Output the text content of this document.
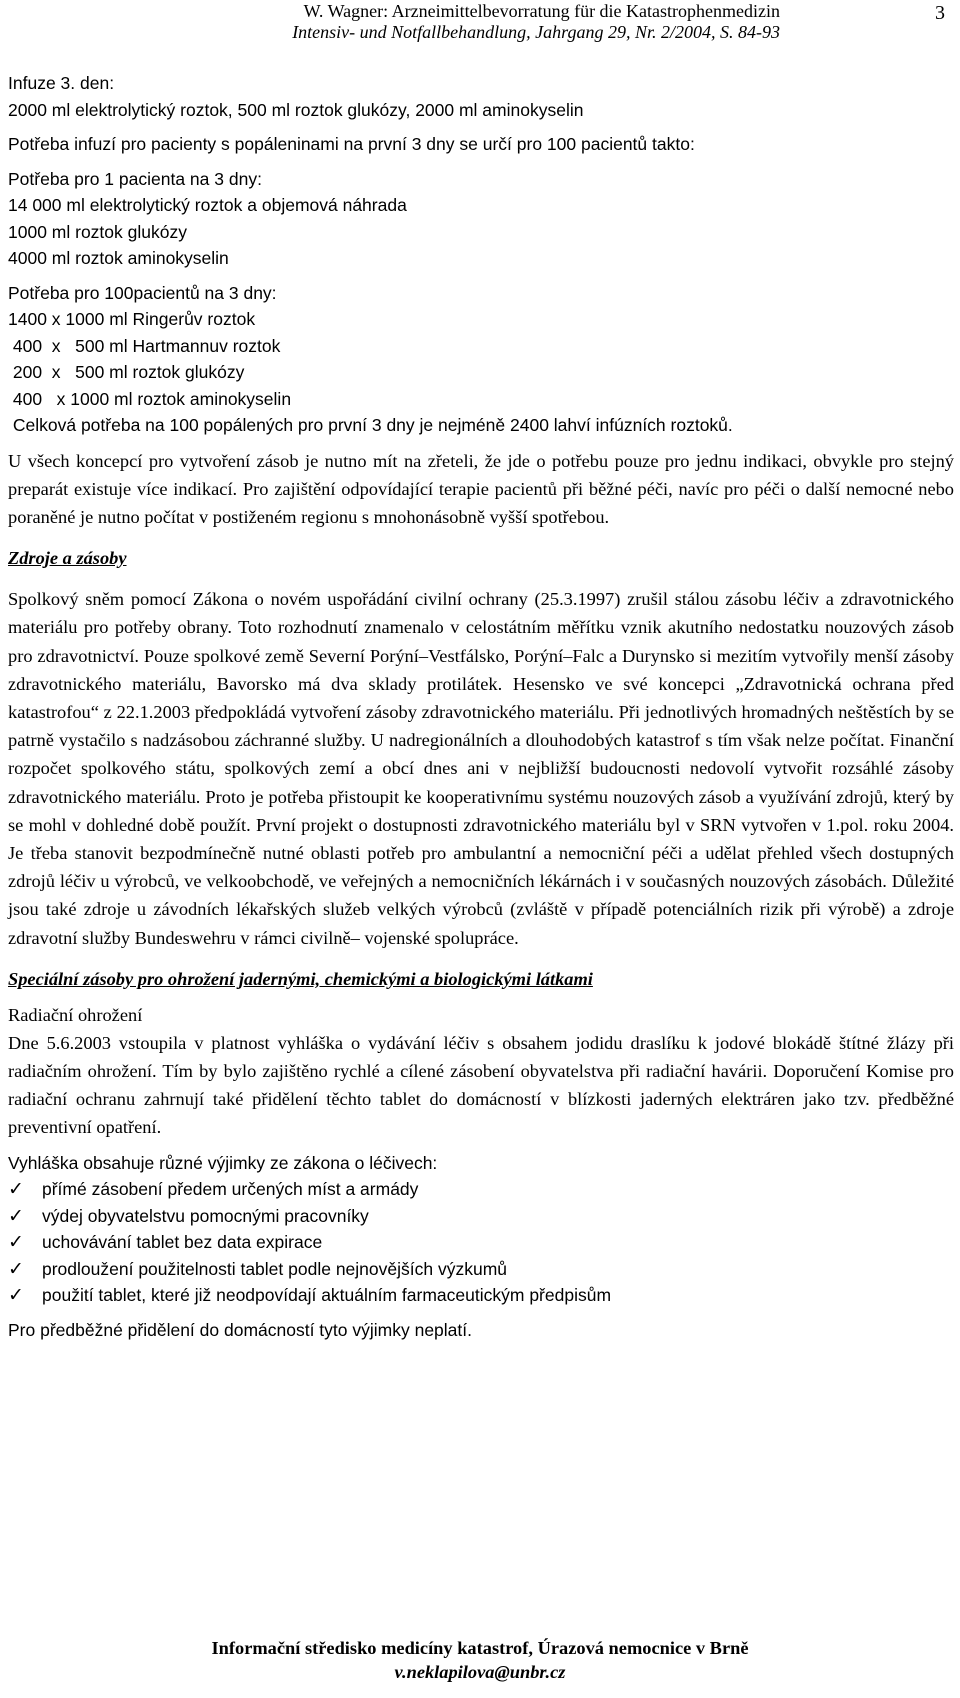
W. Wagner: Arzneimittelbevorratung für die Katastrophenmedizin
Intensiv- und Notfallbehandlung, Jahrgang 29, Nr. 2/2004, S. 84-93
3
Infuze 3. den:
2000 ml elektrolytický roztok, 500 ml roztok glukózy, 2000 ml aminokyselin
Potřeba infuzí pro pacienty s popáleninami na první 3 dny se určí pro 100 pacientů takto:
Potřeba pro 1 pacienta na 3 dny:
14 000 ml elektrolytický roztok a objemová náhrada
1000 ml roztok glukózy
4000 ml roztok aminokyselin
Potřeba pro 100pacientů na 3 dny:
1400 x 1000 ml Ringerův roztok
400  x   500 ml Hartmannuv roztok
200  x   500 ml roztok glukózy
400   x 1000 ml roztok aminokyselin
Celková potřeba na 100 popálených pro první 3 dny je nejméně 2400 lahví infúzních roztoků.
U všech koncepcí pro vytvoření zásob je nutno mít na zřeteli, že jde o potřebu pouze pro jednu indikaci, obvykle pro stejný preparát existuje více indikací. Pro zajištění odpovídající terapie pacientů při běžné péči, navíc pro péči o další nemocné nebo poraněné je nutno počítat v postiženém regionu s mnohonásobně vyšší spotřebou.
Zdroje a zásoby
Spolkový sněm pomocí Zákona o novém uspořádání civilní ochrany (25.3.1997) zrušil stálou zásobu léčiv a zdravotnického materiálu pro potřeby obrany. Toto rozhodnutí znamenalo v celostátním měřítku vznik akutního nedostatku nouzových zásob pro zdravotnictví. Pouze spolkové země Severní Porýní–Vestfálsko, Porýní–Falc a Durynsko si mezitím vytvořily menší zásoby zdravotnického materiálu, Bavorsko má dva sklady protilátek. Hesensko ve své koncepci „Zdravotnická ochrana před katastrofou“ z 22.1.2003 předpokládá vytvoření zásoby zdravotnického materiálu. Při jednotlivých hromadných neštěstích by se patrně vystačilo s nadzásobou záchranné služby. U nadregionálních a dlouhodobých katastrof s tím však nelze počítat. Finanční rozpočet spolkového státu, spolkových zemí a obcí dnes ani v nejbližší budoucnosti nedovolí vytvořit rozsáhlé zásoby zdravotnického materiálu. Proto je potřeba přistoupit ke kooperativnímu systému nouzových zásob a využívání zdrojů, který by se mohl v dohledné době použít. První projekt o dostupnosti zdravotnického materiálu byl v SRN vytvořen v 1.pol. roku 2004. Je třeba stanovit bezpodmínečně nutné oblasti potřeb pro ambulantní a nemocniční péči a udělat přehled všech dostupných zdrojů léčiv u výrobců, ve velkoobchodě, ve veřejných a nemocničních lékárnách i v současných nouzových zásobách. Důležité jsou také zdroje u závodních lékařských služeb velkých výrobců (zvláště v případě potenciálních rizik při výrobě) a zdroje zdravotní služby Bundeswehru v rámci civilně– vojenské spolupráce.
Speciální zásoby pro ohrožení jadernými, chemickými a biologickými látkami
Radiační ohrožení
Dne 5.6.2003 vstoupila v platnost vyhláška o vydávání léčiv s obsahem jodidu draslíku k jodové blokádě štítné žlázy při radiačním ohrožení. Tím by bylo zajištěno rychlé a cílené zásobení obyvatelstva při radiační havárii. Doporučení Komise pro radiační ochranu zahrnují také přidělení těchto tablet do domácností v blízkosti jaderných elektráren jako tzv. předběžné preventivní opatření.
Vyhláška obsahuje různé výjimky ze zákona o léčivech:
✓	přímé zásobení předem určených míst a armády
✓	výdej obyvatelstvu pomocnými pracovníky
✓	uchovávání tablet bez data expirace
✓	prodloužení použitelnosti tablet podle nejnovějších výzkumů
✓	použití tablet, které již neodpovídají aktuálním farmaceutickým předpisům
Pro předběžné přidělení do domácností tyto výjimky neplatí.
Informační středisko medicíny katastrof, Úrazová nemocnice v Brně
v.neklapilova@unbr.cz
